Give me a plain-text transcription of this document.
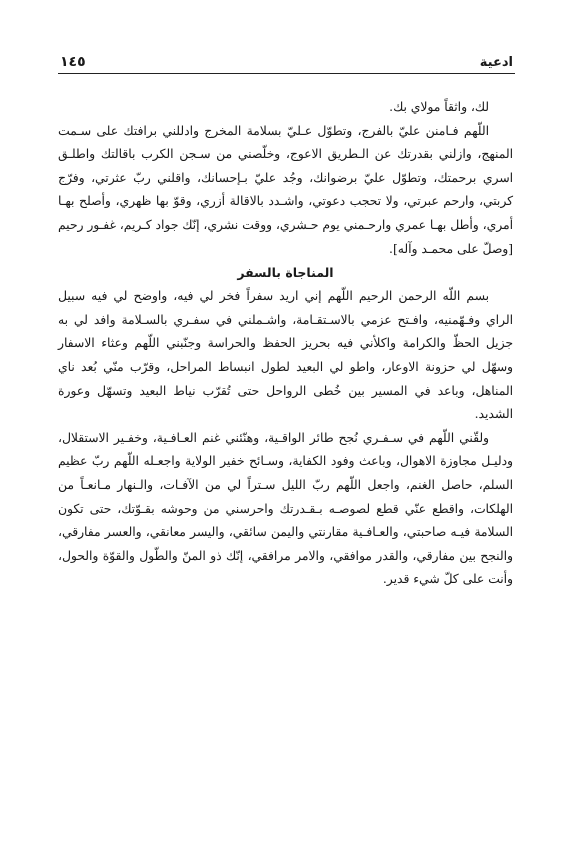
ادعية
١٤٥

لك، واثقاً مولاي بك.

اللّهم فـامنن عليّ بالفرج، وتطوّل عـليّ بسلامة المخرج وادللني برافتك على سـمت المنهج، وازلني بقدرتك عن الـطريق الاعوج، وخلّصني من سـجن الكرب باقالتك واطلـق اسري برحمتك، وتطوّل عليّ برضوانك، وجُد عليّ بـإحسانك، واقلني ربّ عثرتي، وفرّج كربتي، وارحم عبرتي، ولا تحجب دعوتي، واشـدد بالاقالة أزري، وقوّ بها ظهري، وأصلح بهـا أمري، وأطل بهـا عمري وارحـمني يوم حـشري، ووقت نشري، إنّك جواد كـريم، غفـور رحيم [وصلّ على محمـد وآله].

المناجاة بالسفر

بسم اللّه الرحمن الرحيم اللّهم إني اريد سفراً فخر لي فيه، واوضح لي فيه سبيل الراي وفـهّمنيه، وافـتح عزمي بالاسـتقـامة، واشـملني في سفـري بالسـلامة وافد لي به جزيل الحظّ والكرامة واكلأني فيه بحريز الحفظ والحراسة وجنّبني اللّهم وعثاء الاسفار وسهّل لي حزونة الاوعار، واطو لي البعيد لطول انبساط المراحل، وقرّب منّي بُعد ناي المناهل، وباعد في المسير بين خُطى الرواحل حتى تُقرّب نياط البعيد وتسهّل وعورة الشديد.

ولقّني اللّهم في سـفـري نُجح طائر الواقـية، وهنّئني غنم العـافـية، وخفـير الاستقلال، ودليـل مجاوزة الاهوال، وباعث وفود الكفاية، وسـائح خفير الولاية واجعـله اللّهم ربّ عظيم السلم، حاصل الغنم، واجعل اللّهم ربّ الليل سـتراً لي من الآفـات، والـنهار مـانعـاً من الهلكات، واقطع عنّي قطع لصوصـه بـقـدرتك واحرسني من وحوشه بقـوّتك، حتى تكون السلامة فيـه صاحبتي، والعـافـية مقارنتي واليمن سائقي، واليسر معانقي، والعسر مفارقي، والنجح بين مفارقي، والقدر موافقي، والامر مرافقي، إنّك ذو المنّ والطّول والقوّة والحول، وأنت على كلّ شيء قدير.
